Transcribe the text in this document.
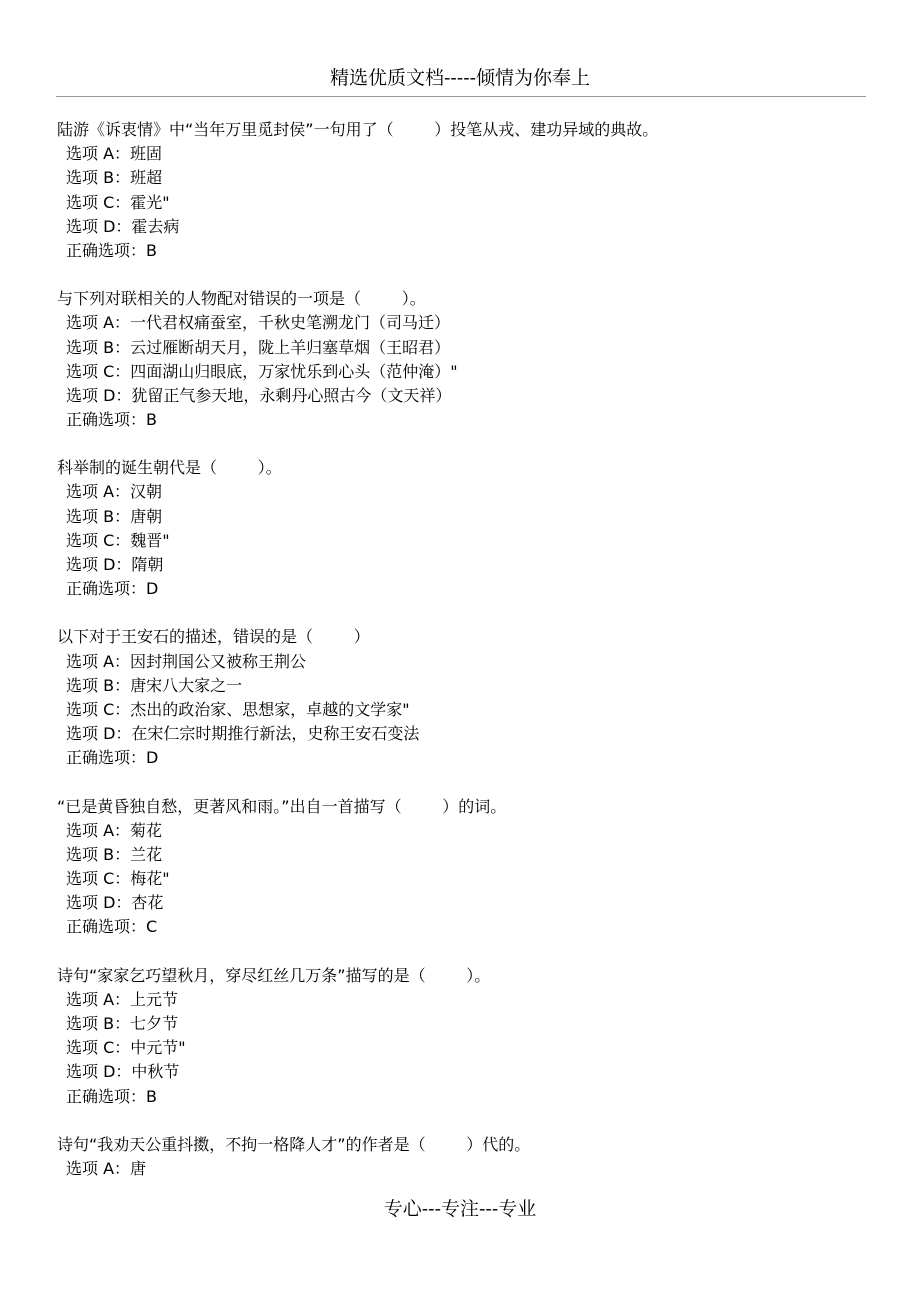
精选优质文档-----倾情为你奉上
陆游《诉衷情》中“当年万里觅封侯”一句用了（        ）投笔从戎、建功异域的典故。
选项 A：班固
选项 B：班超
选项 C：霍光"
选项 D：霍去病
正确选项：B
与下列对联相关的人物配对错误的一项是（        ）。
选项 A：一代君权痛蚕室，千秋史笔溯龙门（司马迁）
选项 B：云过雁断胡天月，陇上羊归塞草烟（王昭君）
选项 C：四面湖山归眼底，万家忧乐到心头（范仲淹）"
选项 D：犹留正气参天地，永剩丹心照古今（文天祥）
正确选项：B
科举制的诞生朝代是（        ）。
选项 A：汉朝
选项 B：唐朝
选项 C：魏晋"
选项 D：隋朝
正确选项：D
以下对于王安石的描述，错误的是（        ）
选项 A：因封荆国公又被称王荆公
选项 B：唐宋八大家之一
选项 C：杰出的政治家、思想家，卓越的文学家"
选项 D：在宋仁宗时期推行新法，史称王安石变法
正确选项：D
“已是黄昏独自愁，更著风和雨。”出自一首描写（        ）的词。
选项 A：菊花
选项 B：兰花
选项 C：梅花"
选项 D：杏花
正确选项：C
诗句“家家乞巧望秋月，穿尽红丝几万条”描写的是（        ）。
选项 A：上元节
选项 B：七夕节
选项 C：中元节"
选项 D：中秋节
正确选项：B
诗句“我劝天公重抖擞，不拘一格降人才”的作者是（        ）代的。
选项 A：唐
专心---专注---专业
